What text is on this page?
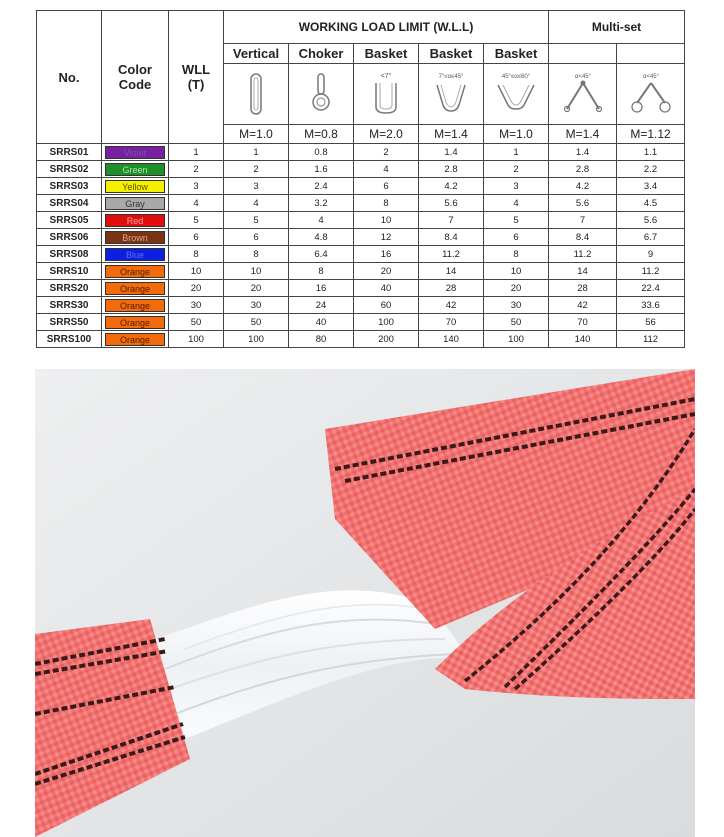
No.	Color Code	WLL (T)	WORKING LOAD LIMIT (W.L.L)					Multi-set	
			Vertical	Choker	Basket	Basket	Basket		

<7°	7°≤α≤45°	45°≤α≤60°	α<45°	α<45°

			M=1.0	M=0.8	M=2.0	M=1.4	M=1.0	M=1.4	M=1.12
SRRS01	Violet	1	1	0.8	2	1.4	1	1.4	1.1
SRRS02	Green	2	2	1.6	4	2.8	2	2.8	2.2
SRRS03	Yellow	3	3	2.4	6	4.2	3	4.2	3.4
SRRS04	Gray	4	4	3.2	8	5.6	4	5.6	4.5
SRRS05	Red	5	5	4	10	7	5	7	5.6
SRRS06	Brown	6	6	4.8	12	8.4	6	8.4	6.7
SRRS08	Blue	8	8	6.4	16	11.2	8	11.2	9
SRRS10	Orange	10	10	8	20	14	10	14	11.2
SRRS20	Orange	20	20	16	40	28	20	28	22.4
SRRS30	Orange	30	30	24	60	42	30	42	33.6
SRRS50	Orange	50	50	40	100	70	50	70	56
SRRS100	Orange	100	100	80	200	140	100	140	112
